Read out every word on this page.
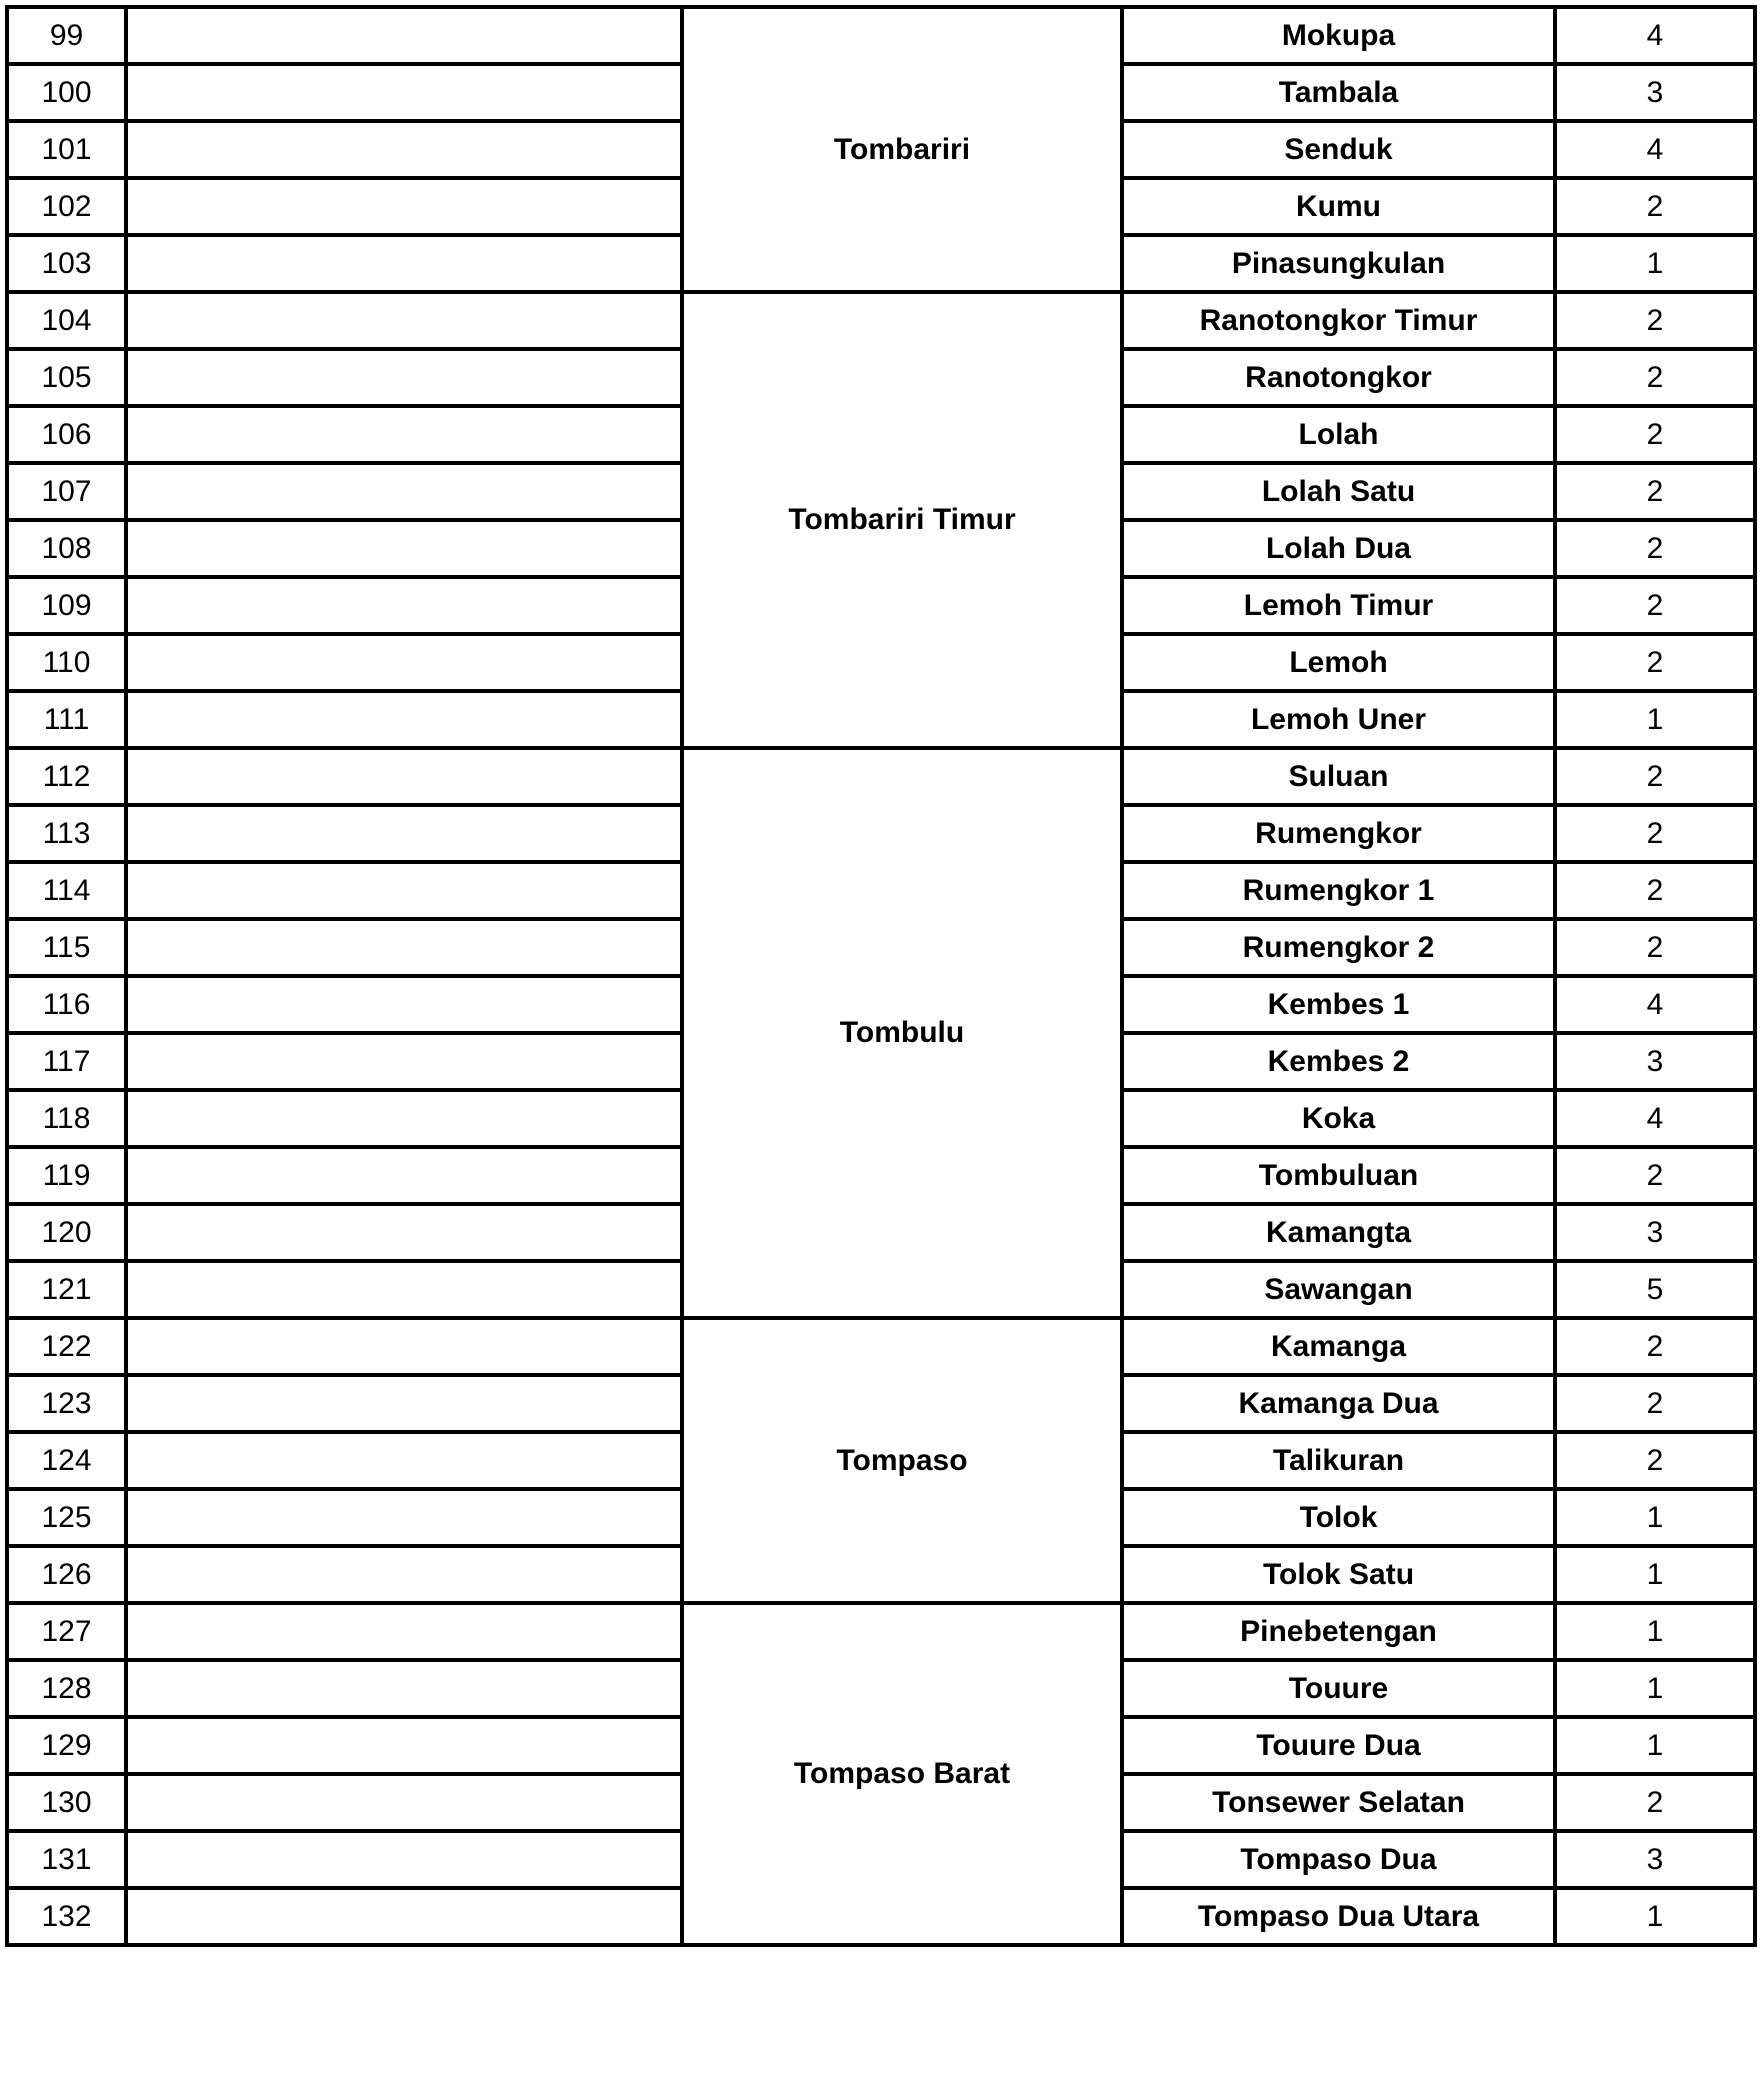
99		Tombariri	Mokupa	4
100			Tambala	3
101			Senduk	4
102			Kumu	2
103			Pinasungkulan	1
104		Tombariri Timur	Ranotongkor Timur	2
105			Ranotongkor	2
106			Lolah	2
107			Lolah Satu	2
108			Lolah Dua	2
109			Lemoh Timur	2
110			Lemoh	2
111			Lemoh Uner	1
112		Tombulu	Suluan	2
113			Rumengkor	2
114			Rumengkor 1	2
115			Rumengkor 2	2
116			Kembes 1	4
117			Kembes 2	3
118			Koka	4
119			Tombuluan	2
120			Kamangta	3
121			Sawangan	5
122		Tompaso	Kamanga	2
123			Kamanga Dua	2
124			Talikuran	2
125			Tolok	1
126			Tolok Satu	1
127		Tompaso Barat	Pinebetengan	1
128			Touure	1
129			Touure Dua	1
130			Tonsewer Selatan	2
131			Tompaso Dua	3
132			Tompaso Dua Utara	1
